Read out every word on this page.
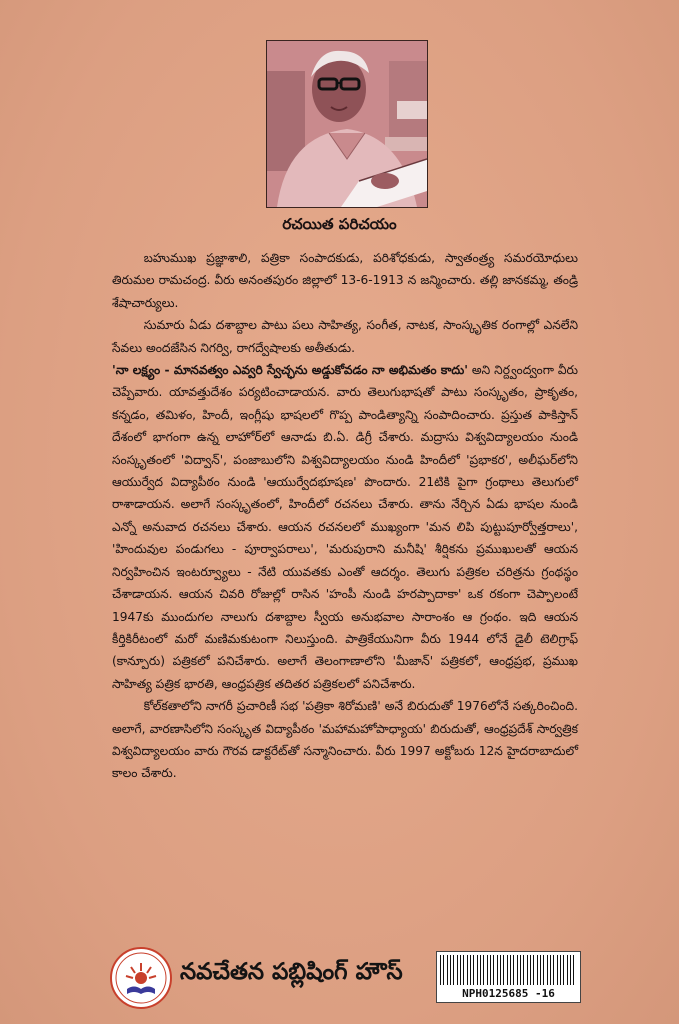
రచయిత పరిచయం

బహుముఖ ప్రజ్ఞాశాలి, పత్రికా సంపాదకుడు, పరిశోధకుడు, స్వాతంత్ర్య సమరయోధులు తిరుమల రామచంద్ర. వీరు అనంతపురం జిల్లాలో 13-6-1913 న జన్మించారు. తల్లి జానకమ్మ, తండ్రి శేషాచార్యులు.

సుమారు ఏడు దశాబ్దాల పాటు పలు సాహిత్య, సంగీత, నాటక, సాంస్కృతిక రంగాల్లో ఎనలేని సేవలు అందజేసిన నిగర్వి, రాగద్వేషాలకు అతీతుడు.

'నా లక్ష్యం - మానవత్వం ఎవ్వరి స్వేచ్ఛను అడ్డుకోవడం నా అభిమతం కాదు' అని నిర్ద్వంద్వంగా వీరు చెప్పేవారు. యావత్తుదేశం పర్యటించాడాయన. వారు తెలుగుభాషతో పాటు సంస్కృతం, ప్రాకృతం, కన్నడం, తమిళం, హిందీ, ఇంగ్లీషు భాషలలో గొప్ప పాండిత్యాన్ని సంపాదించారు. ప్రస్తుత పాకిస్తాన్ దేశంలో భాగంగా ఉన్న లాహోర్‌లో ఆనాడు బి.ఏ. డిగ్రీ చేశారు. మద్రాసు విశ్వవిద్యాలయం నుండి సంస్కృతంలో 'విద్వాన్', పంజాబులోని విశ్వవిద్యాలయం నుండి హిందీలో 'ప్రభాకర', అలీఘర్‌లోని ఆయుర్వేద విద్యాపీఠం నుండి 'ఆయుర్వేదభూషణ' పొందారు. 21టికి పైగా గ్రంథాలు తెలుగులో రాశాడాయన. అలాగే సంస్కృతంలో, హిందీలో రచనలు చేశారు. తాను నేర్చిన ఏడు భాషల నుండి ఎన్నో అనువాద రచనలు చేశారు. ఆయన రచనలలో ముఖ్యంగా 'మన లిపి పుట్టుపూర్వోత్తరాలు', 'హిందువుల పండుగలు - పూర్వాపరాలు', 'మరుపురాని మనీషి' శీర్షికను ప్రముఖులతో ఆయన నిర్వహించిన ఇంటర్వ్యూలు - నేటి యువతకు ఎంతో ఆదర్శం. తెలుగు పత్రికల చరిత్రను గ్రంథస్థం చేశాడాయన. ఆయన చివరి రోజుల్లో రాసిన 'హంపీ నుండి హరప్పాదాకా' ఒక రకంగా చెప్పాలంటే 1947కు ముందుగల నాలుగు దశాబ్దాల స్వీయ అనుభవాల సారాంశం ఆ గ్రంథం. ఇది ఆయన కీర్తికిరీటంలో మరో మణిమకుటంగా నిలుస్తుంది. పాత్రికేయునిగా వీరు 1944 లోనే డైలీ టెలిగ్రాఫ్ (కాన్పూరు) పత్రికలో పనిచేశారు. అలాగే తెలంగాణాలోని 'మీజాన్' పత్రికలో, ఆంధ్రప్రభ, ప్రముఖ సాహిత్య పత్రిక భారతి, ఆంధ్రపత్రిక తదితర పత్రికలలో పనిచేశారు.

కోల్‌కతాలోని నాగరీ ప్రచారిణీ సభ 'పత్రికా శిరోమణి' అనే బిరుదుతో 1976లోనే సత్కరించింది. అలాగే, వారణాసిలోని సంస్కృత విద్యాపీఠం 'మహామహోపాధ్యాయ' బిరుదుతో, ఆంధ్రప్రదేశ్ సార్వత్రిక విశ్వవిద్యాలయం వారు గౌరవ డాక్టరేట్‌తో సన్మానించారు. వీరు 1997 అక్టోబరు 12న హైదరాబాదులో కాలం చేశారు.

నవచేతన పబ్లిషింగ్ హౌస్
NPH0125685 -16
